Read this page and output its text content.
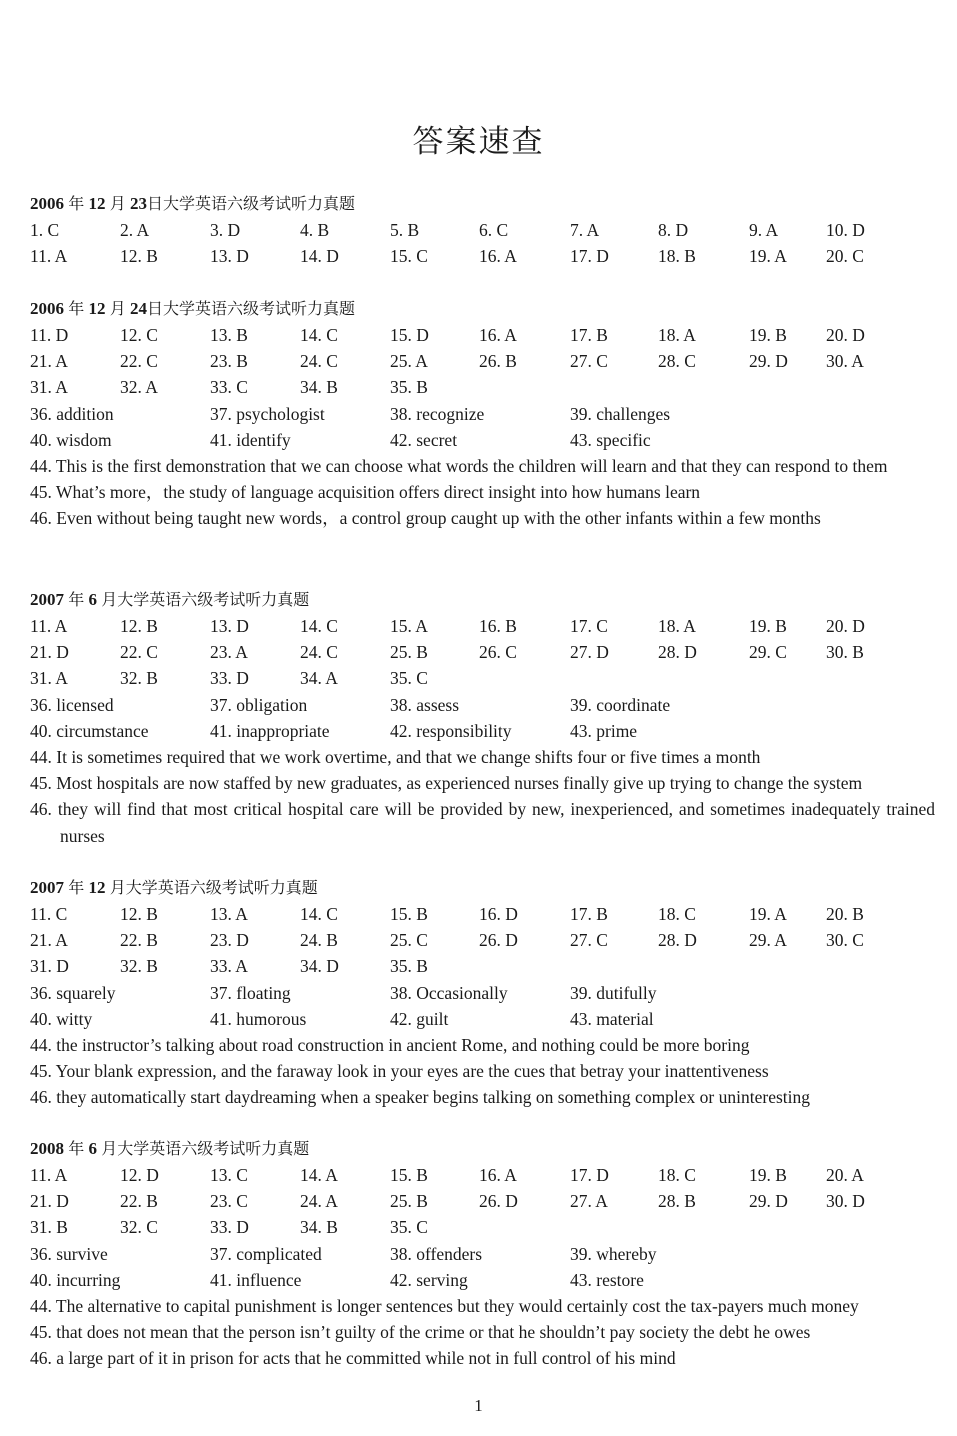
答案速查
2006 年 12 月 23日大学英语六级考试听力真题
1. C	2. A	3. D	4. B	5. B	6. C	7. A	8. D	9. A	10. D
11. A	12. B	13. D	14. D	15. C	16. A	17. D	18. B	19. A 20. C
2006 年 12 月 24日大学英语六级考试听力真题
11. D	12. C	13. B	14. C	15. D	16. A	17. B	18. A	19. B 20. D
21. A	22. C	23. B	24. C	25. A	26. B	27. C	28. C	29. D 30. A
31. A	32. A	33. C	34. B	35. B
36. addition	37. psychologist	38. recognize	39. challenges
40. wisdom	41. identify	42. secret	43. specific
44. This is the first demonstration that we can choose what words the children will learn and that they can respond to them
45. What’s more，the study of language acquisition offers direct insight into how humans learn
46. Even without being taught new words，a control group caught up with the other infants within a few months
2007 年 6 月大学英语六级考试听力真题
11. A	12. B	13. D	14. C	15. A	16. B	17. C	18. A	19. B 20. D
21. D	22. C	23. A	24. C	25. B	26. C	27. D	28. D	29. C 30. B
31. A	32. B	33. D	34. A	35. C
36. licensed	37. obligation	38. assess	39. coordinate
40. circumstance	41. inappropriate	42. responsibility	43. prime
44. It is sometimes required that we work overtime, and that we change shifts four or five times a month
45. Most hospitals are now staffed by new graduates, as experienced nurses finally give up trying to change the system
46. they will find that most critical hospital care will be provided by new, inexperienced, and sometimes inadequately trained nurses
2007 年 12 月大学英语六级考试听力真题
11. C	12. B	13. A	14. C	15. B	16. D	17. B	18. C	19. A 20. B
21. A	22. B	23. D	24. B	25. C	26. D	27. C	28. D	29. A 30. C
31. D	32. B	33. A	34. D	35. B
36. squarely	37. floating	38. Occasionally	39. dutifully
40. witty	41. humorous	42. guilt	43. material
44. the instructor’s talking about road construction in ancient Rome, and nothing could be more boring
45. Your blank expression, and the faraway look in your eyes are the cues that betray your inattentiveness
46. they automatically start daydreaming when a speaker begins talking on something complex or uninteresting
2008 年 6 月大学英语六级考试听力真题
11. A	12. D	13. C	14. A	15. B	16. A	17. D	18. C	19. B 20. A
21. D	22. B	23. C	24. A	25. B	26. D	27. A	28. B	29. D 30. D
31. B	32. C	33. D	34. B	35. C
36. survive	37. complicated	38. offenders	39. whereby
40. incurring	41. influence	42. serving	43. restore
44. The alternative to capital punishment is longer sentences but they would certainly cost the tax-payers much money
45. that does not mean that the person isn’t guilty of the crime or that he shouldn’t pay society the debt he owes
46. a large part of it in prison for acts that he committed while not in full control of his mind
1
